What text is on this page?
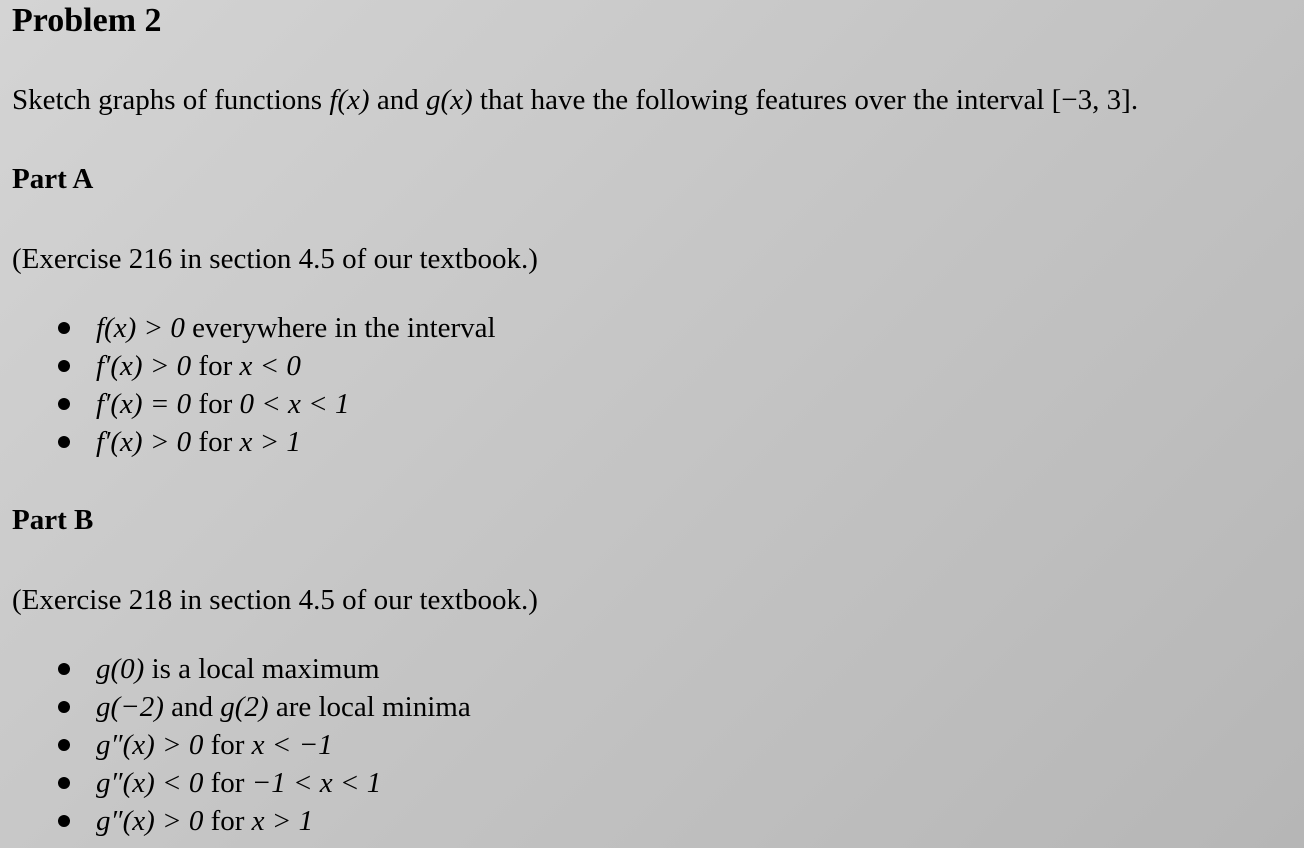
Problem 2

Sketch graphs of functions f(x) and g(x) that have the following features over the interval [−3, 3].

Part A

(Exercise 216 in section 4.5 of our textbook.)

f(x) > 0 everywhere in the interval
f′(x) > 0 for x < 0
f′(x) = 0 for 0 < x < 1
f′(x) > 0 for x > 1
Part B

(Exercise 218 in section 4.5 of our textbook.)

g(0) is a local maximum
g(−2) and g(2) are local minima
g″(x) > 0 for x < −1
g″(x) < 0 for −1 < x < 1
g″(x) > 0 for x > 1
